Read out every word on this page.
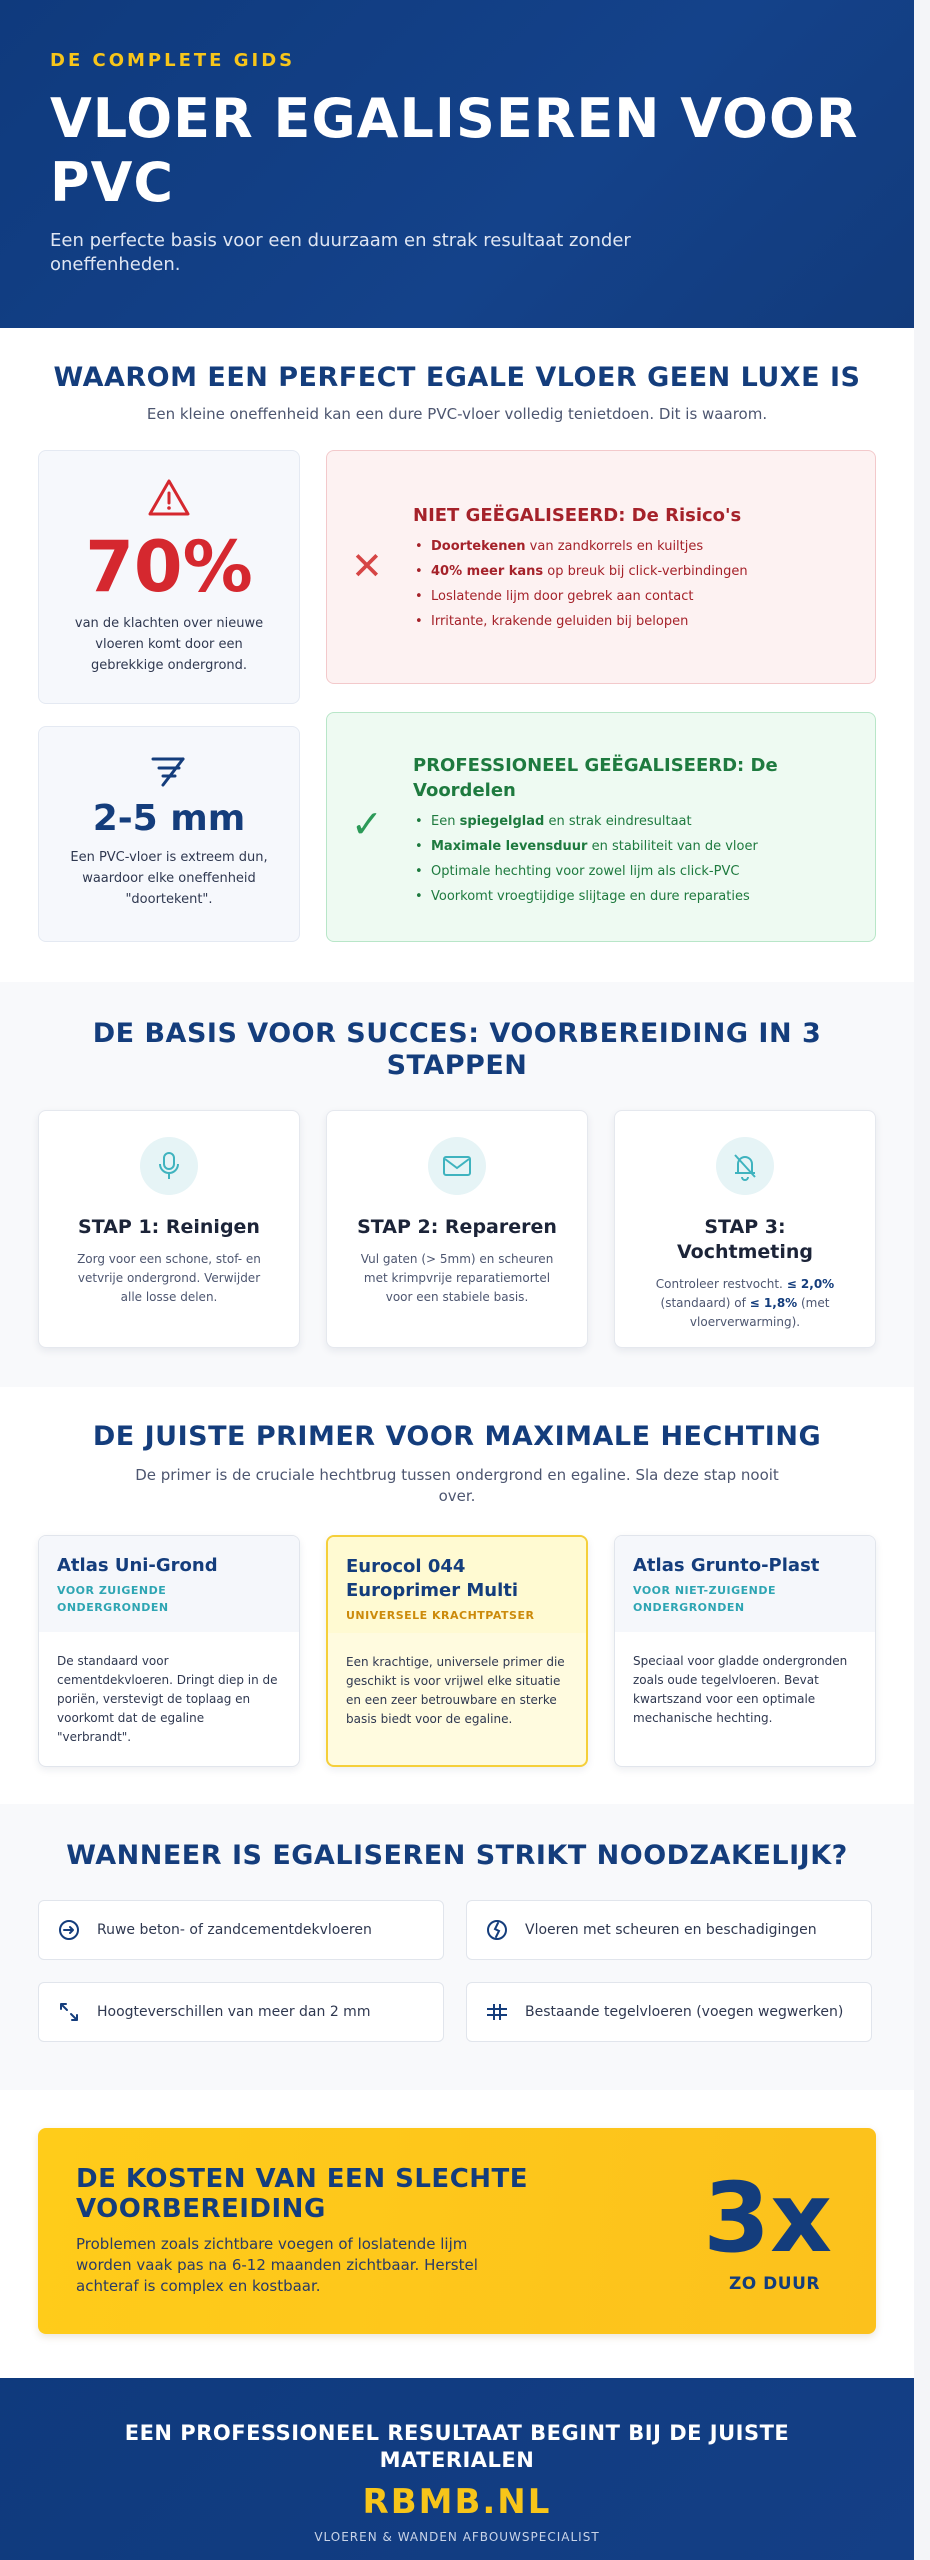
DE COMPLETE GIDS
VLOER EGALISEREN VOOR PVC

Een perfecte basis voor een duurzaam en strak resultaat zonder oneffenheden.

WAAROM EEN PERFECT EGALE VLOER GEEN LUXE IS

Een kleine oneffenheid kan een dure PVC-vloer volledig tenietdoen. Dit is waarom.

70%

van de klachten over nieuwe vloeren komt door een gebrekkige ondergrond.

2-5 mm

Een PVC-vloer is extreem dun, waardoor elke oneffenheid "doortekent".

✕
NIET GEËGALISEERD: De Risico's
• Doortekenen van zandkorrels en kuiltjes
• 40% meer kans op breuk bij click-verbindingen
• Loslatende lijm door gebrek aan contact
• Irritante, krakende geluiden bij belopen
✓
PROFESSIONEEL GEËGALISEERD: De Voordelen
• Een spiegelglad en strak eindresultaat
• Maximale levensduur en stabiliteit van de vloer
• Optimale hechting voor zowel lijm als click-PVC
• Voorkomt vroegtijdige slijtage en dure reparaties
DE BASIS VOOR SUCCES: VOORBEREIDING IN 3 STAPPEN
STAP 1: Reinigen

Zorg voor een schone, stof- en vetvrije ondergrond. Verwijder alle losse delen.

STAP 2: Repareren

Vul gaten (> 5mm) en scheuren met krimpvrije reparatiemortel voor een stabiele basis.

STAP 3: Vochtmeting

Controleer restvocht. ≤ 2,0% (standaard) of ≤ 1,8% (met vloerverwarming).

DE JUISTE PRIMER VOOR MAXIMALE HECHTING

De primer is de cruciale hechtbrug tussen ondergrond en egaline. Sla deze stap nooit over.

Atlas Uni-Grond
VOOR ZUIGENDE ONDERGRONDEN

De standaard voor cementdekvloeren. Dringt diep in de poriën, verstevigt de toplaag en voorkomt dat de egaline "verbrandt".

Eurocol 044 Europrimer Multi
UNIVERSELE KRACHTPATSER

Een krachtige, universele primer die geschikt is voor vrijwel elke situatie en een zeer betrouwbare en sterke basis biedt voor de egaline.

Atlas Grunto-Plast
VOOR NIET-ZUIGENDE ONDERGRONDEN

Speciaal voor gladde ondergronden zoals oude tegelvloeren. Bevat kwartszand voor een optimale mechanische hechting.

WANNEER IS EGALISEREN STRIKT NOODZAKELIJK?
Ruwe beton- of zandcementdekvloeren	Vloeren met scheuren en beschadigingen
Hoogteverschillen van meer dan 2 mm	Bestaande tegelvloeren (voegen wegwerken)
DE KOSTEN VAN EEN SLECHTE VOORBEREIDING

Problemen zoals zichtbare voegen of loslatende lijm worden vaak pas na 6-12 maanden zichtbaar. Herstel achteraf is complex en kostbaar.

3x
ZO DUUR
EEN PROFESSIONEEL RESULTAAT BEGINT BIJ DE JUISTE MATERIALEN
RBMB.NL
VLOEREN & WANDEN AFBOUWSPECIALIST
